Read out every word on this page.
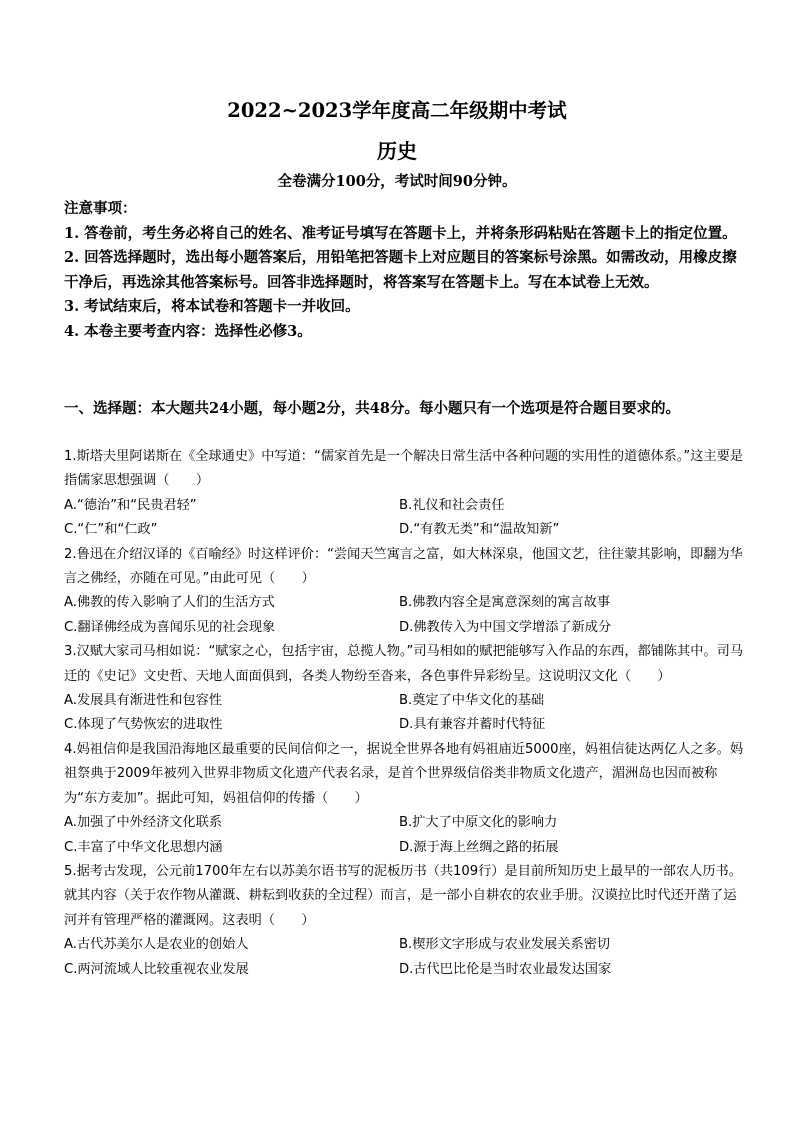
2022~2023学年度高二年级期中考试
历史
全卷满分100分，考试时间90分钟。
注意事项：
1. 答卷前，考生务必将自己的姓名、准考证号填写在答题卡上，并将条形码粘贴在答题卡上的指定位置。
2. 回答选择题时，选出每小题答案后，用铅笔把答题卡上对应题目的答案标号涂黑。如需改动，用橡皮擦干净后，再选涂其他答案标号。回答非选择题时，将答案写在答题卡上。写在本试卷上无效。
3. 考试结束后，将本试卷和答题卡一并收回。
4. 本卷主要考查内容：选择性必修3。
一、选择题：本大题共24小题，每小题2分，共48分。每小题只有一个选项是符合题目要求的。

1.斯塔夫里阿诺斯在《全球通史》中写道：“儒家首先是一个解决日常生活中各种问题的实用性的道德体系。”这主要是指儒家思想强调（　　）

A.“德治”和“民贵君轻”	B.礼仪和社会责任
C.“仁”和“仁政”	D.“有教无类”和“温故知新”

2.鲁迅在介绍汉译的《百喻经》时这样评价：“尝闻天竺寓言之富，如大林深泉，他国文艺，往往蒙其影响，即翻为华言之佛经，亦随在可见。”由此可见（　　）

A.佛教的传入影响了人们的生活方式	B.佛教内容全是寓意深刻的寓言故事
C.翻译佛经成为喜闻乐见的社会现象	D.佛教传入为中国文学增添了新成分

3.汉赋大家司马相如说：“赋家之心，包括宇宙，总揽人物。”司马相如的赋把能够写入作品的东西，都铺陈其中。司马迁的《史记》文史哲、天地人面面俱到，各类人物纷至沓来，各色事件异彩纷呈。这说明汉文化（　　）

A.发展具有渐进性和包容性	B.奠定了中华文化的基础
C.体现了气势恢宏的进取性	D.具有兼容并蓄时代特征

4.妈祖信仰是我国沿海地区最重要的民间信仰之一，据说全世界各地有妈祖庙近5000座，妈祖信徒达两亿人之多。妈祖祭典于2009年被列入世界非物质文化遗产代表名录，是首个世界级信俗类非物质文化遗产，湄洲岛也因而被称为“东方麦加”。据此可知，妈祖信仰的传播（　　）

A.加强了中外经济文化联系	B.扩大了中原文化的影响力
C.丰富了中华文化思想内涵	D.源于海上丝绸之路的拓展

5.据考古发现，公元前1700年左右以苏美尔语书写的泥板历书（共109行）是目前所知历史上最早的一部农人历书。就其内容（关于农作物从灌溉、耕耘到收获的全过程）而言，是一部小自耕农的农业手册。汉谟拉比时代还开凿了运河并有管理严格的灌溉网。这表明（　　）

A.古代苏美尔人是农业的创始人	B.楔形文字形成与农业发展关系密切
C.两河流域人比较重视农业发展	D.古代巴比伦是当时农业最发达国家
